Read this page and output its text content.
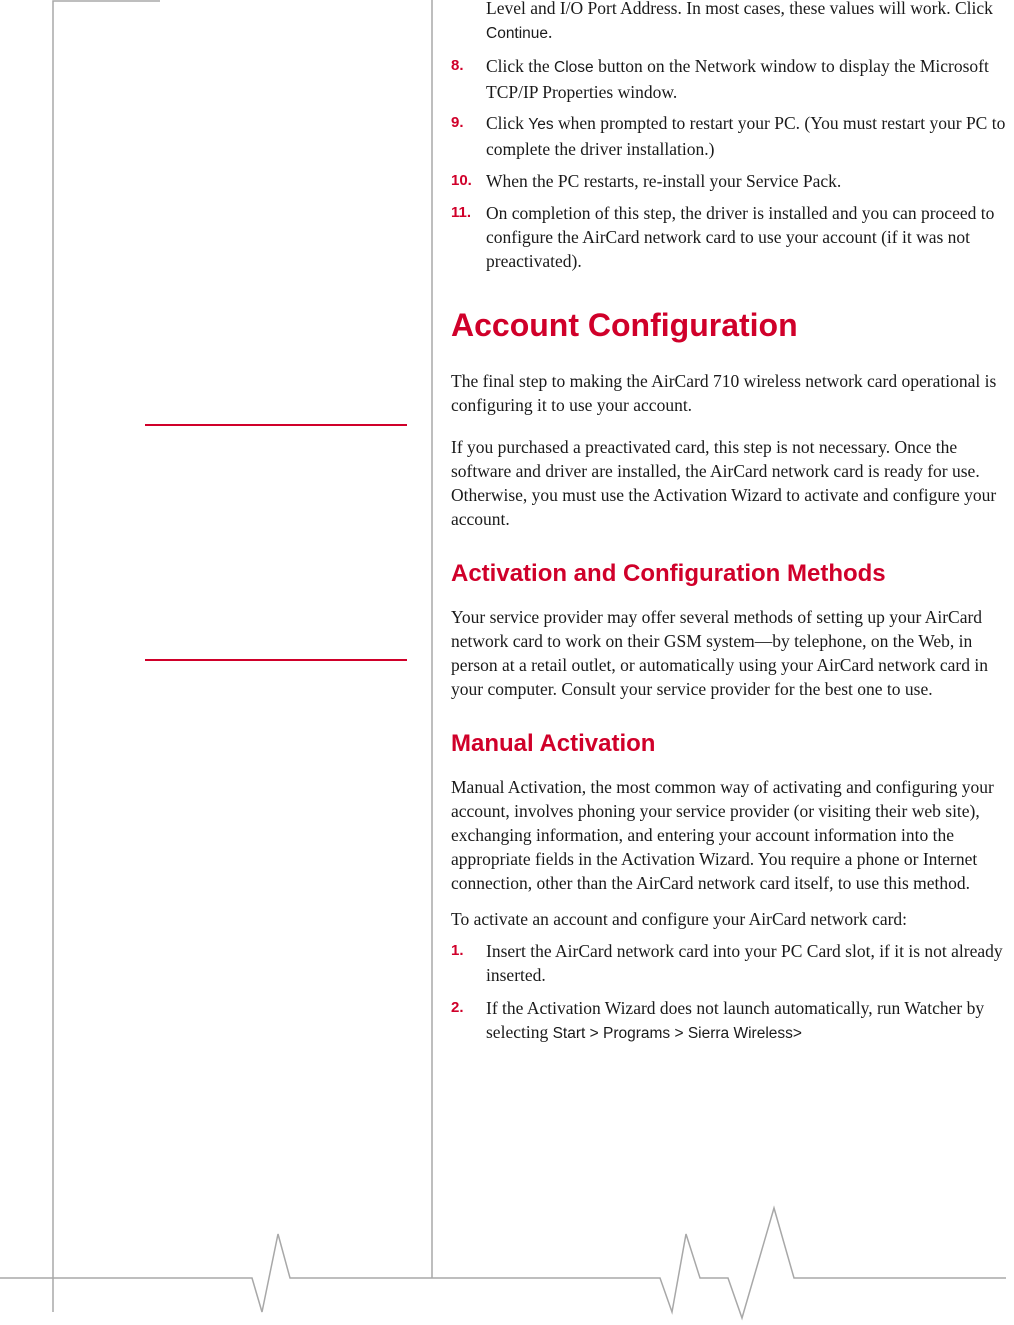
Level and I/O Port Address. In most cases, these values will work. Click Continue.
8. Click the Close button on the Network window to display the Microsoft TCP/IP Properties window.
9. Click Yes when prompted to restart your PC. (You must restart your PC to complete the driver installation.)
10. When the PC restarts, re-install your Service Pack.
11. On completion of this step, the driver is installed and you can proceed to configure the AirCard network card to use your account (if it was not preactivated).
Account Configuration

The final step to making the AirCard 710 wireless network card operational is configuring it to use your account.

If you purchased a preactivated card, this step is not necessary. Once the software and driver are installed, the AirCard network card is ready for use. Otherwise, you must use the Activation Wizard to activate and configure your account.

Activation and Configuration Methods

Your service provider may offer several methods of setting up your AirCard network card to work on their GSM system—by telephone, on the Web, in person at a retail outlet, or automatically using your AirCard network card in your computer. Consult your service provider for the best one to use.

Manual Activation

Manual Activation, the most common way of activating and configuring your account, involves phoning your service provider (or visiting their web site), exchanging information, and entering your account information into the appropriate fields in the Activation Wizard. You require a phone or Internet connection, other than the AirCard network card itself, to use this method.

To activate an account and configure your AirCard network card:

1. Insert the AirCard network card into your PC Card slot, if it is not already inserted.
2. If the Activation Wizard does not launch automatically, run Watcher by selecting Start > Programs > Sierra Wireless>
